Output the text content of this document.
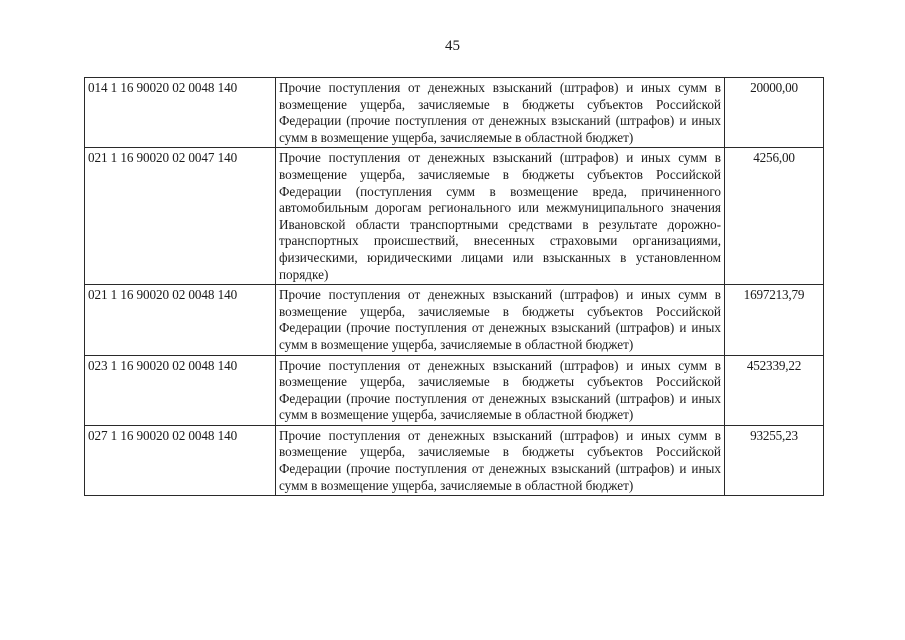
45
014 1 16 90020 02 0048 140	Прочие поступления от денежных взысканий (штрафов) и иных сумм в возмещение ущерба, зачисляемые в бюджеты субъектов Российской Федерации (прочие поступления от денежных взысканий (штрафов) и иных сумм в возмещение ущерба, зачисляемые в областной бюджет)	20000,00
021 1 16 90020 02 0047 140	Прочие поступления от денежных взысканий (штрафов) и иных сумм в возмещение ущерба, зачисляемые в бюджеты субъектов Российской Федерации (поступления сумм в возмещение вреда, причиненного автомобильным дорогам регионального или межмуниципального значения Ивановской области транспортными средствами в результате дорожно-транспортных происшествий, внесенных страховыми организациями, физическими, юридическими лицами или взысканных в установленном порядке)	4256,00
021 1 16 90020 02 0048 140	Прочие поступления от денежных взысканий (штрафов) и иных сумм в возмещение ущерба, зачисляемые в бюджеты субъектов Российской Федерации (прочие поступления от денежных взысканий (штрафов) и иных сумм в возмещение ущерба, зачисляемые в областной бюджет)	1697213,79
023 1 16 90020 02 0048 140	Прочие поступления от денежных взысканий (штрафов) и иных сумм в возмещение ущерба, зачисляемые в бюджеты субъектов Российской Федерации (прочие поступления от денежных взысканий (штрафов) и иных сумм в возмещение ущерба, зачисляемые в областной бюджет)	452339,22
027 1 16 90020 02 0048 140	Прочие поступления от денежных взысканий (штрафов) и иных сумм в возмещение ущерба, зачисляемые в бюджеты субъектов Российской Федерации (прочие поступления от денежных взысканий (штрафов) и иных сумм в возмещение ущерба, зачисляемые в областной бюджет)	93255,23
